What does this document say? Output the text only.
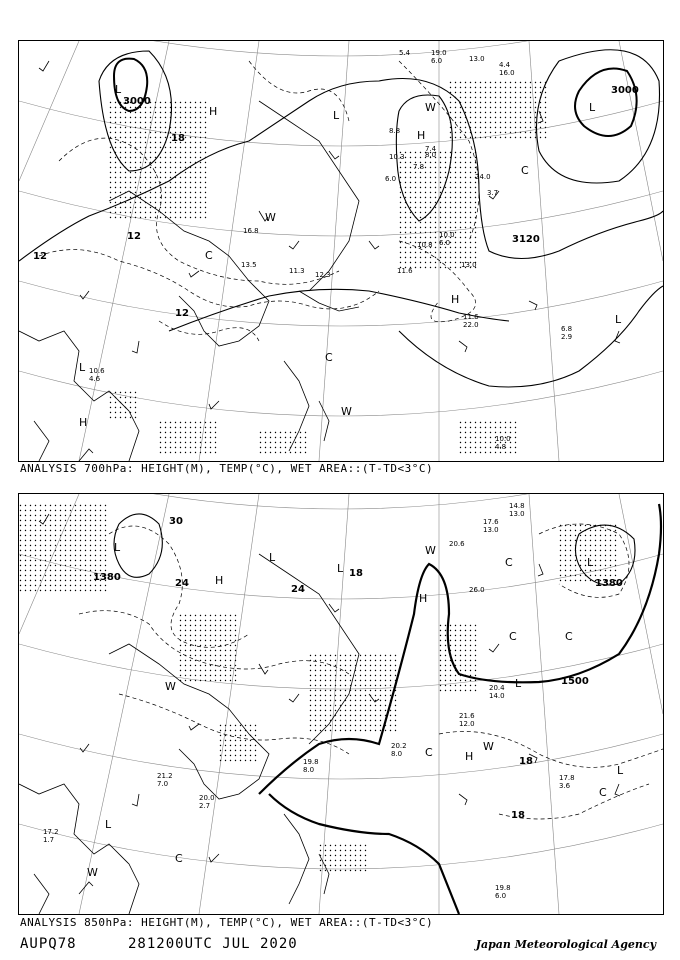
3000
3000
3120
12
12
12
18
L
L
L
L
L
H
H
H
H
W
W
W
C
C
C
5.4	19.0
6.0	13.0
4.4
16.0
8.8
10.3
7.8
8.0
7.4
6.0
3.7
24.0
10.8
11.6
13.0
10.0
6.0
11.6
22.0	6.8
2.9
10.0
4.8
10.6
4.6
11.3 12.3
13.5
16.8
ANALYSIS 700hPa: HEIGHT(M), TEMP(°C), WET AREA::(T-TD<3°C)
1380
1380
1500
30
24
24
18
18
18
L
L
L
L
L
L
L
H
H
H
W
W
W
W
C
C	C
C
C
C
17.6
13.0
14.8
13.0
20.6
26.0
21.6
12.0
20.2
8.0
19.8
6.0
17.8
3.6
20.0
2.7
21.2
7.0
17.2
1.7
19.8
8.0
20.4
14.0
ANALYSIS 850hPa: HEIGHT(M), TEMP(°C), WET AREA::(T-TD<3°C)
AUPQ78	281200UTC JUL 2020	Japan Meteorological Agency
